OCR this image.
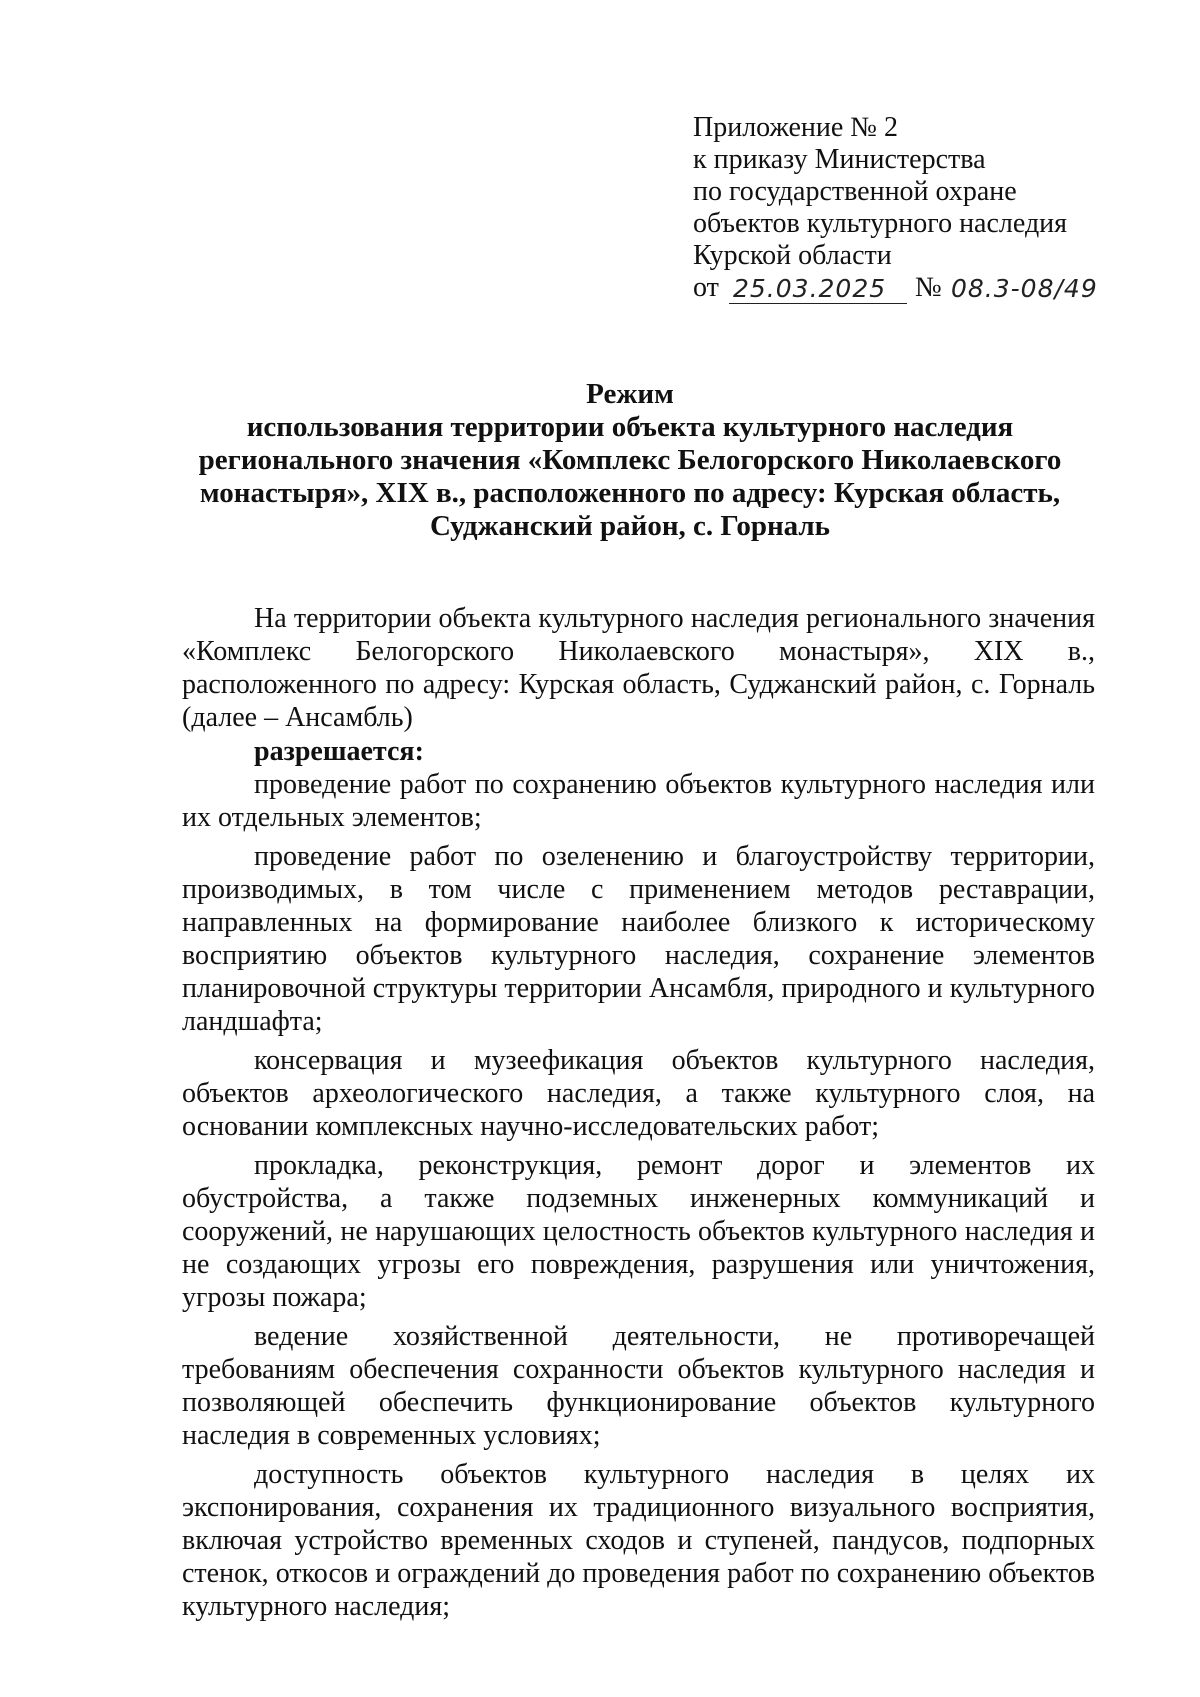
Приложение № 2
к приказу Министерства
по государственной охране
объектов культурного наследия
Курской области
от 25.03.2025 № 08.3-08/49
Режим
использования территории объекта культурного наследия
регионального значения «Комплекс Белогорского Николаевского
монастыря», XIX в., расположенного по адресу: Курская область,
Суджанский район, с. Горналь

На территории объекта культурного наследия регионального значения «Комплекс Белогорского Николаевского монастыря», XIX в., расположенного по адресу: Курская область, Суджанский район, с. Горналь (далее – Ансамбль)

разрешается:

проведение работ по сохранению объектов культурного наследия или их отдельных элементов;

проведение работ по озеленению и благоустройству территории, производимых, в том числе с применением методов реставрации, направленных на формирование наиболее близкого к историческому восприятию объектов культурного наследия, сохранение элементов планировочной структуры территории Ансамбля, природного и культурного ландшафта;

консервация и музеефикация объектов культурного наследия, объектов археологического наследия, а также культурного слоя, на основании комплексных научно-исследовательских работ;

прокладка, реконструкция, ремонт дорог и элементов их обустройства, а также подземных инженерных коммуникаций и сооружений, не нарушающих целостность объектов культурного наследия и не создающих угрозы его повреждения, разрушения или уничтожения, угрозы пожара;

ведение хозяйственной деятельности, не противоречащей требованиям обеспечения сохранности объектов культурного наследия и позволяющей обеспечить функционирование объектов культурного наследия в современных условиях;

доступность объектов культурного наследия в целях их экспонирования, сохранения их традиционного визуального восприятия, включая устройство временных сходов и ступеней, пандусов, подпорных стенок, откосов и ограждений до проведения работ по сохранению объектов культурного наследия;
